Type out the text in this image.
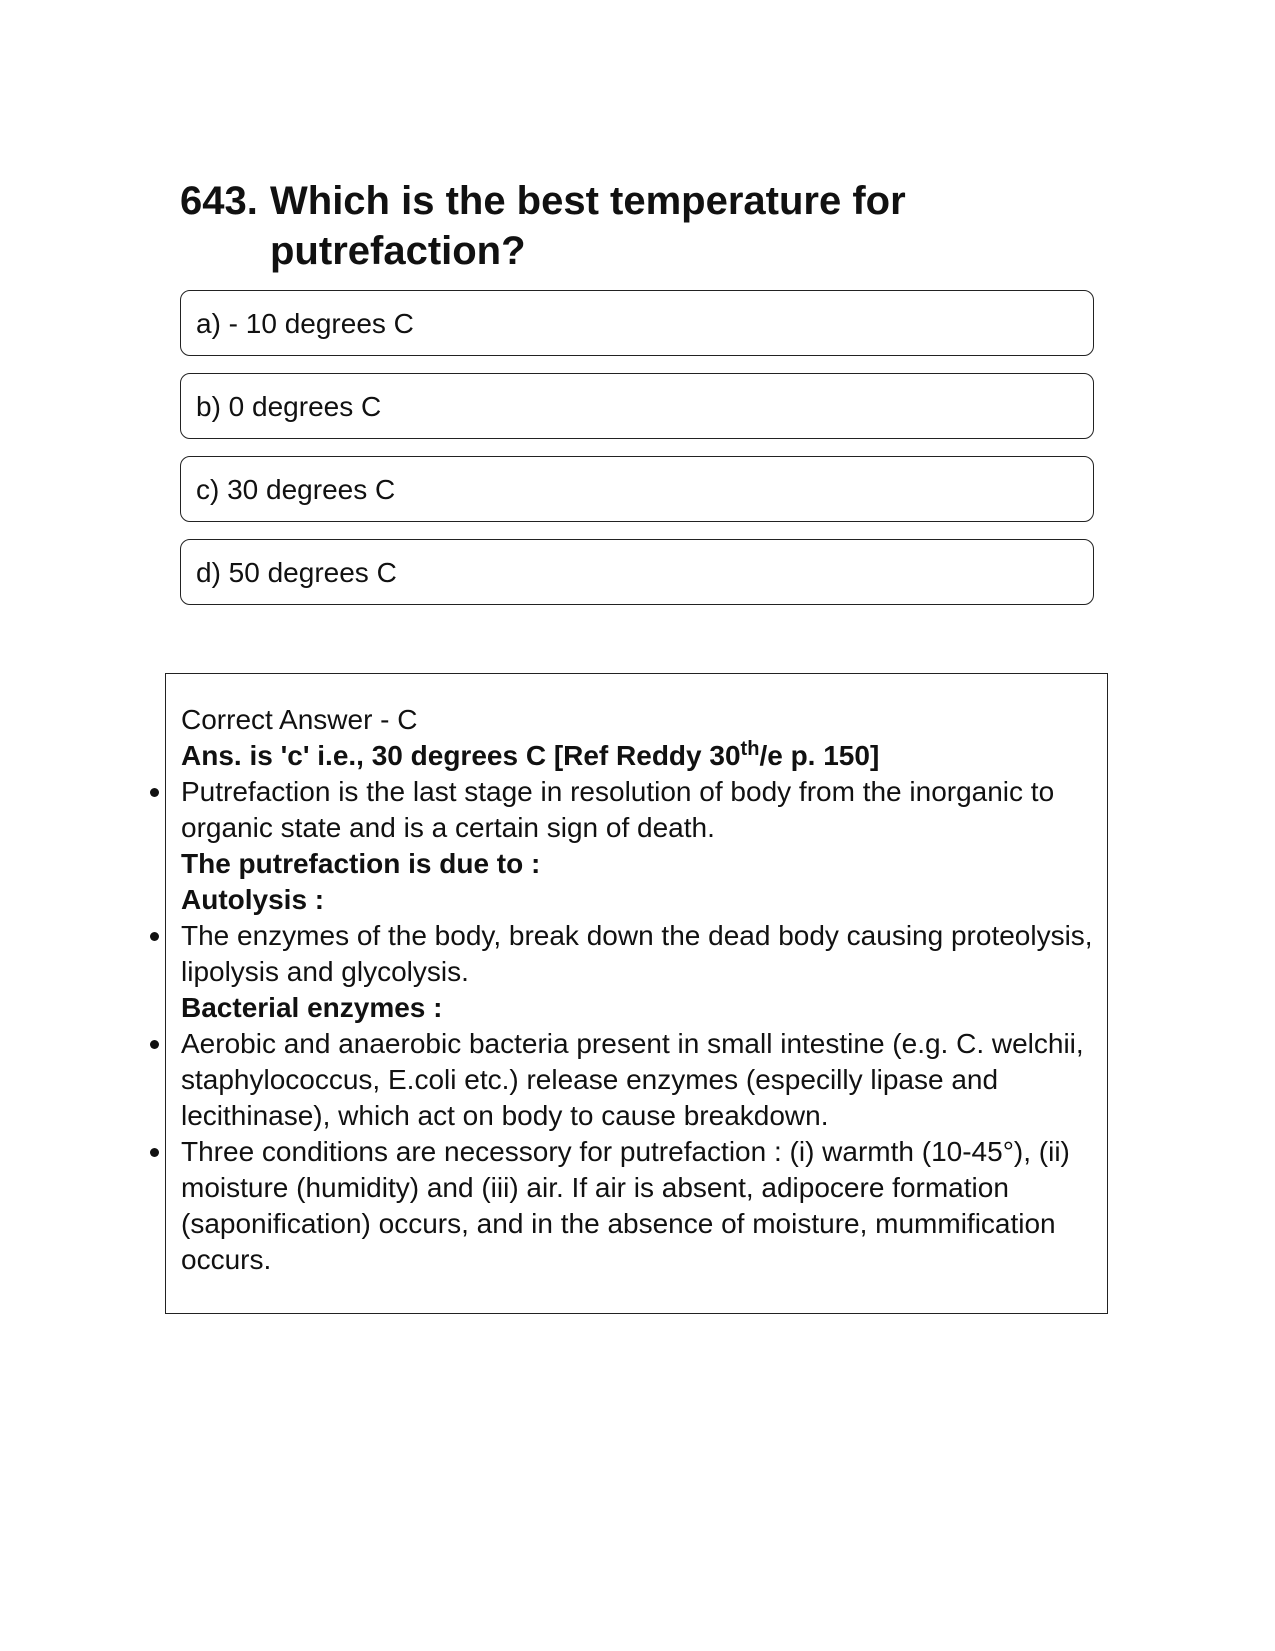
643. Which is the best temperature for putrefaction?
a) - 10 degrees C
b) 0 degrees C
c) 30 degrees C
d) 50 degrees C

Correct Answer - C

Ans. is 'c' i.e., 30 degrees C [Ref Reddy 30th/e p. 150]

Putrefaction is the last stage in resolution of body from the inorganic to organic state and is a certain sign of death.

The putrefaction is due to :

Autolysis :

The enzymes of the body, break down the dead body causing proteolysis, lipolysis and glycolysis.

Bacterial enzymes :

Aerobic and anaerobic bacteria present in small intestine (e.g. C. welchii, staphylococcus, E.coli etc.) release enzymes (especilly lipase and lecithinase), which act on body to cause breakdown.

Three conditions are necessory for putrefaction : (i) warmth (10-45°), (ii) moisture (humidity) and (iii) air. If air is absent, adipocere formation (saponification) occurs, and in the absence of moisture, mummification occurs.
